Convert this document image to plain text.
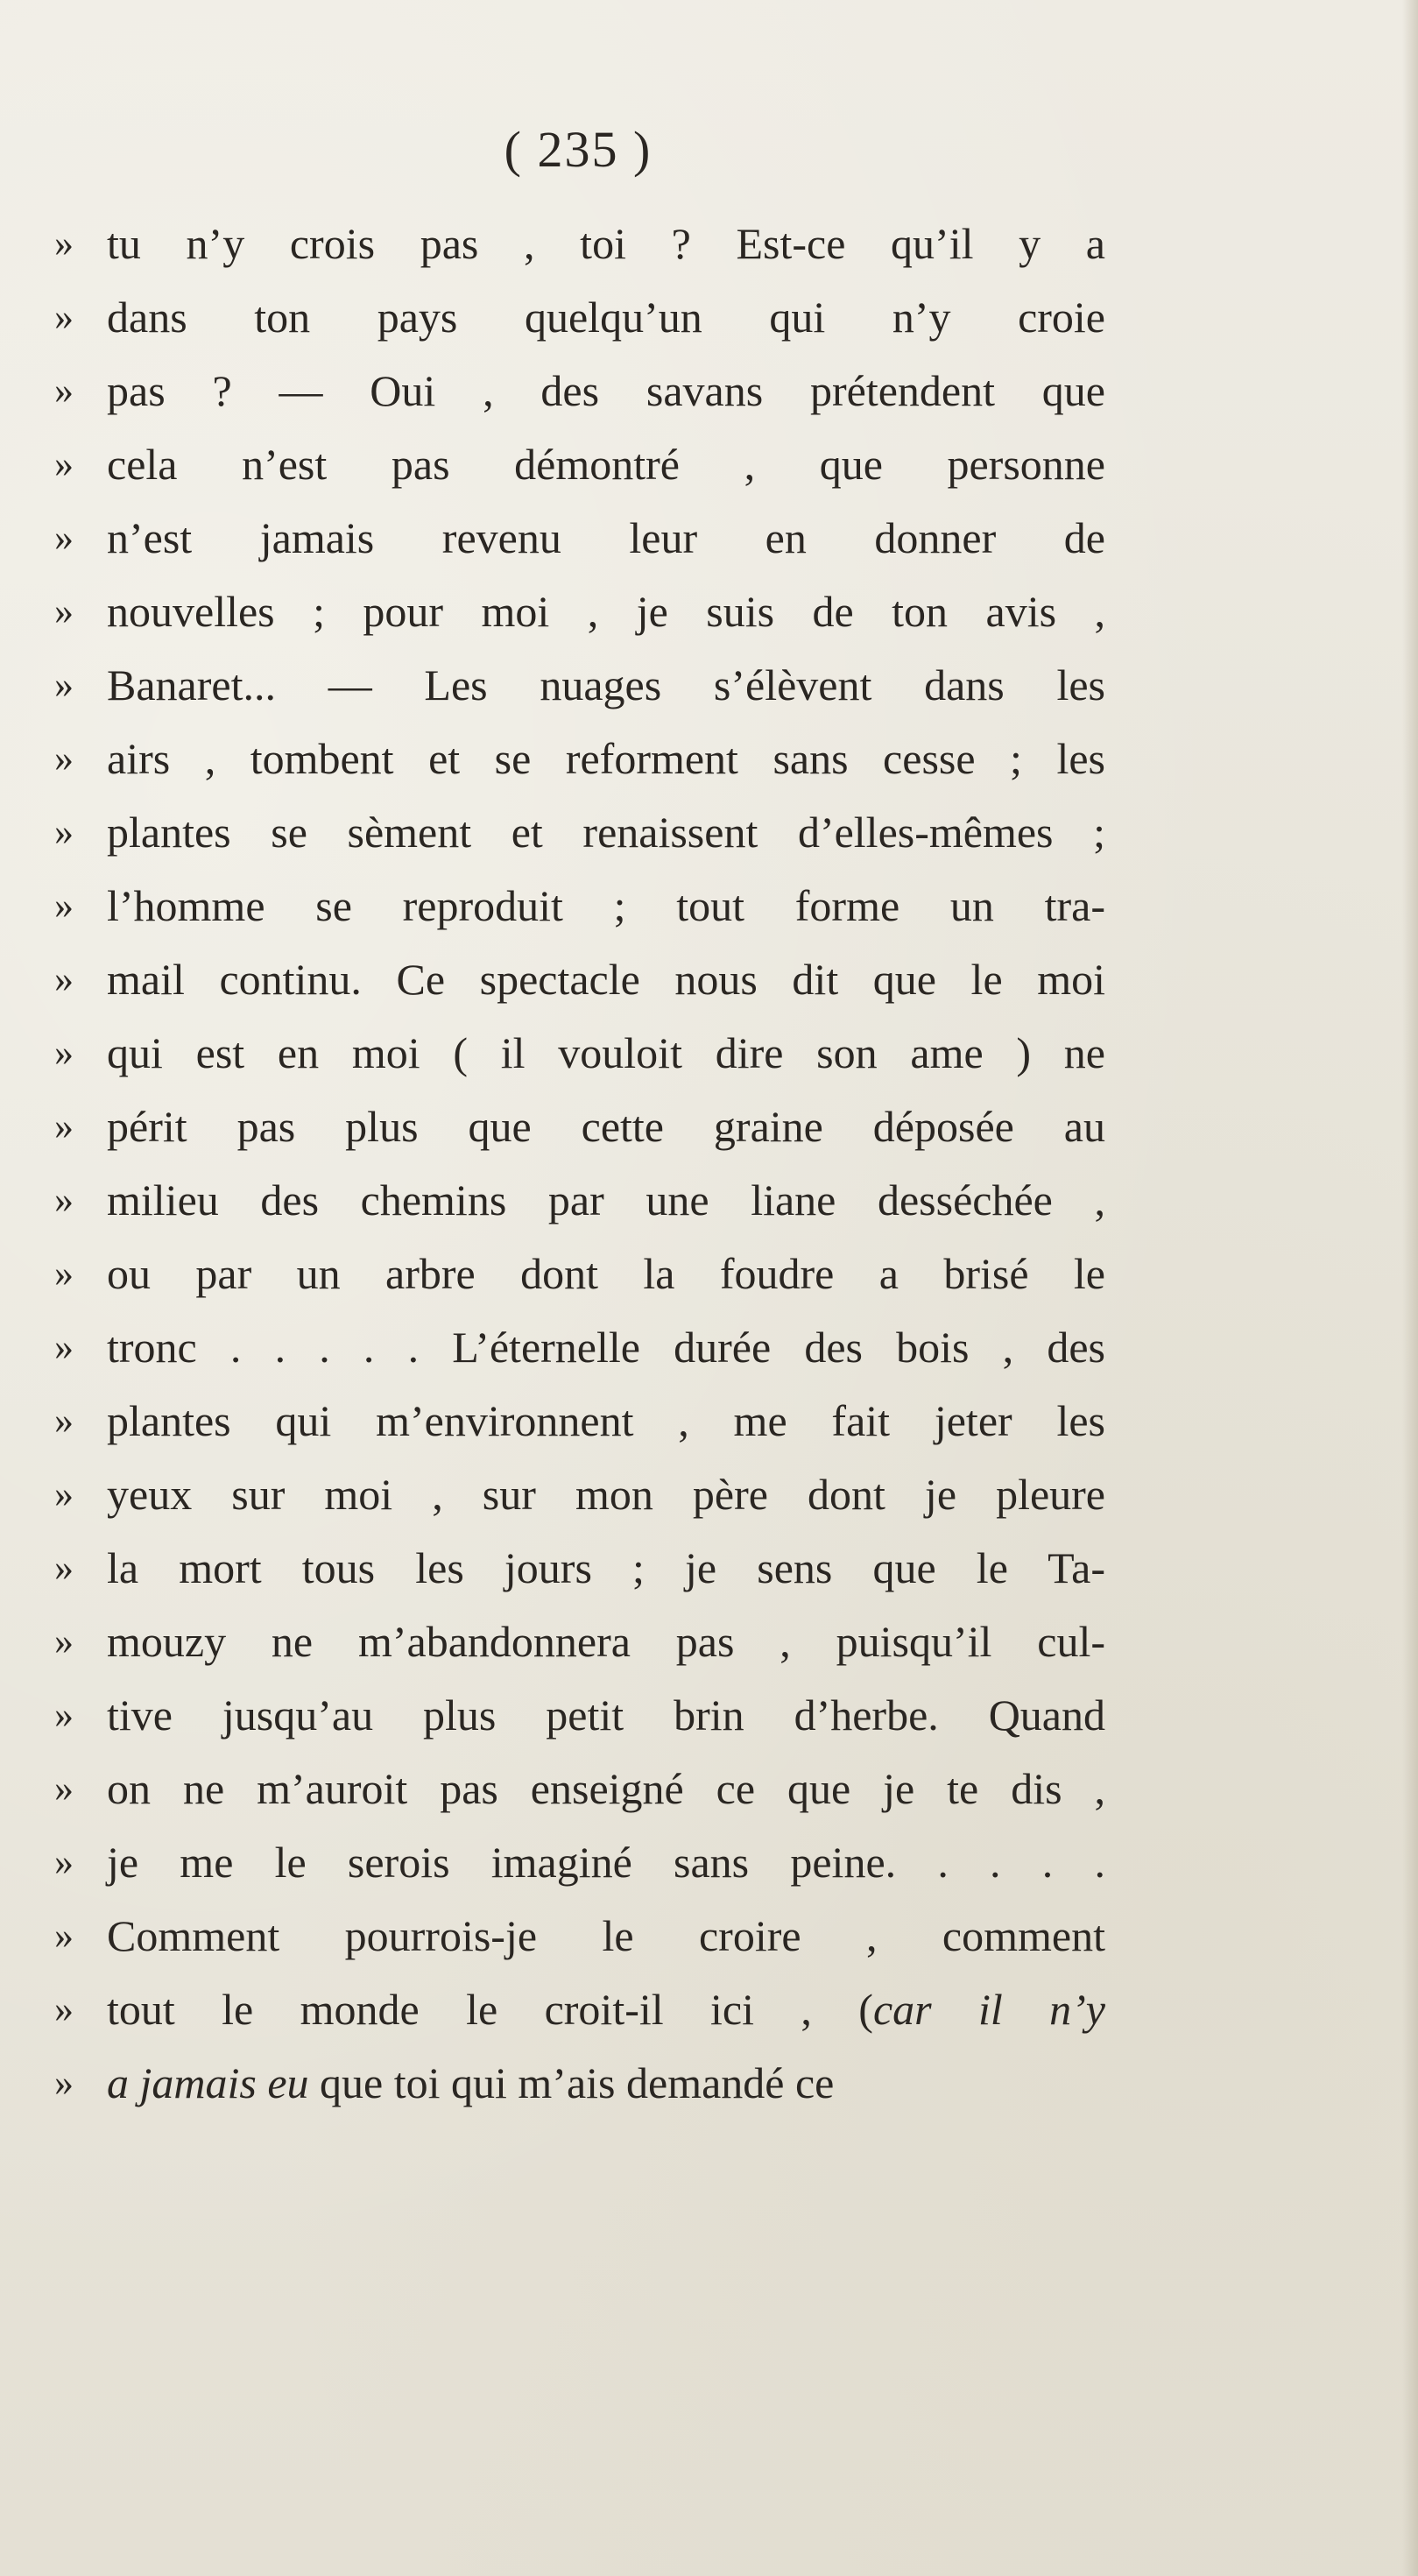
( 235 )
» tu n’y crois pas , toi ? Est-ce qu’il y a
» dans ton pays quelqu’un qui n’y croie
» pas ? — Oui , des savans prétendent que
» cela n’est pas démontré , que personne
» n’est jamais revenu leur en donner de
» nouvelles ; pour moi , je suis de ton avis ,
» Banaret... — Les nuages s’élèvent dans les
» airs , tombent et se reforment sans cesse ; les
» plantes se sèment et renaissent d’elles-mêmes ;
» l’homme se reproduit ; tout forme un tra-
» mail continu. Ce spectacle nous dit que le moi
» qui est en moi ( il vouloit dire son ame ) ne
» périt pas plus que cette graine déposée au
» milieu des chemins par une liane desséchée ,
» ou par un arbre dont la foudre a brisé le
» tronc . . . . . L’éternelle durée des bois , des
» plantes qui m’environnent , me fait jeter les
» yeux sur moi , sur mon père dont je pleure
» la mort tous les jours ; je sens que le Ta-
» mouzy ne m’abandonnera pas , puisqu’il cul-
» tive jusqu’au plus petit brin d’herbe. Quand
» on ne m’auroit pas enseigné ce que je te dis ,
» je me le serois imaginé sans peine. . . . .
» Comment pourrois-je le croire , comment
» tout le monde le croit-il ici , (car il n’y
» a jamais eu que toi qui m’ais demandé ce
